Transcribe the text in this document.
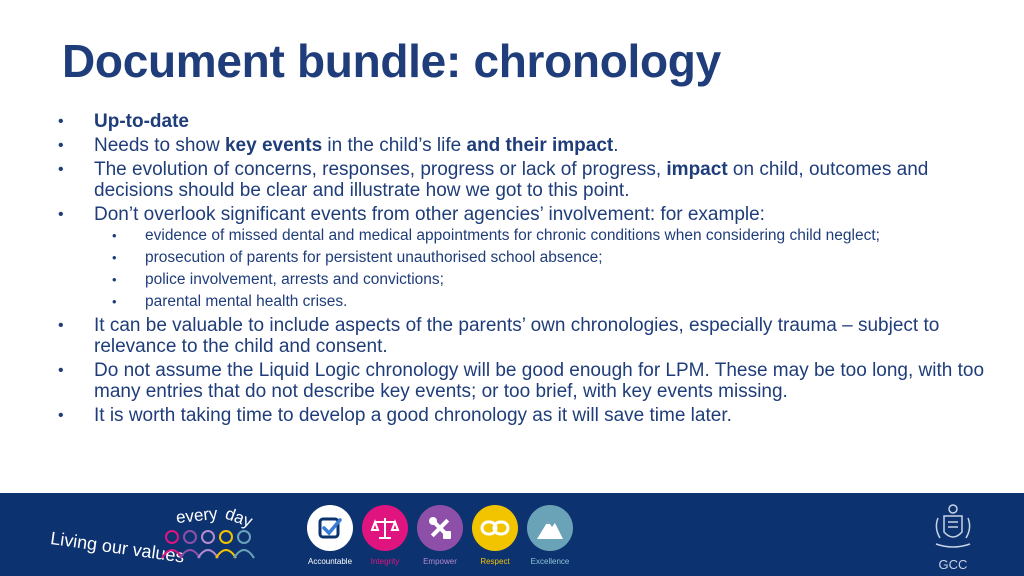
Document bundle: chronology
• Up-to-date
• Needs to show key events in the child’s life and their impact.
• The evolution of concerns, responses, progress or lack of progress, impact on child, outcomes and decisions should be clear and illustrate how we got to this point.
• Don’t overlook significant events from other agencies’ involvement: for example:
• evidence of missed dental and medical appointments for chronic conditions when considering child neglect;
• prosecution of parents for persistent unauthorised school absence;
• police involvement, arrests and convictions;
• parental mental health crises.
• It can be valuable to include aspects of the parents’ own chronologies, especially trauma – subject to relevance to the child and consent.
• Do not assume the Liquid Logic chronology will be good enough for LPM. These may be too long, with too many entries that do not describe key events; or too brief, with key events missing.
• It is worth taking time to develop a good chronology as it will save time later.
Living our values
every day
Accountable	Integrity	Empower	Respect	Excellence	GCC
